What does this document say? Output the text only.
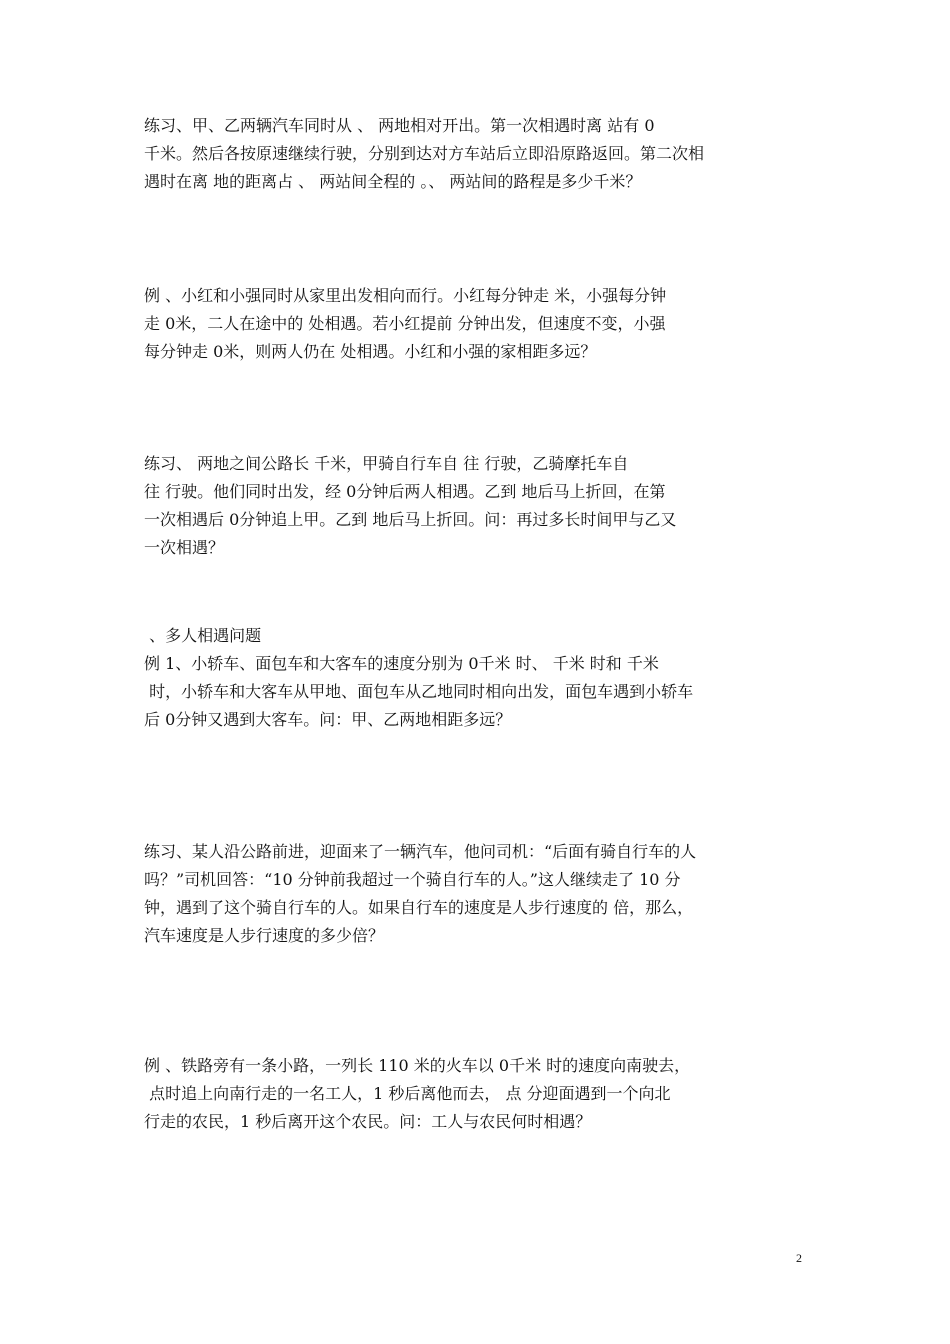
练习、甲、乙两辆汽车同时从 、 两地相对开出。第一次相遇时离 站有 0
千米。然后各按原速继续行驶，分别到达对方车站后立即沿原路返回。第二次相
遇时在离 地的距离占 、 两站间全程的 。、 两站间的路程是多少千米？
例 、小红和小强同时从家里出发相向而行。小红每分钟走 米，小强每分钟
走 0米，二人在途中的 处相遇。若小红提前 分钟出发，但速度不变，小强
每分钟走 0米，则两人仍在 处相遇。小红和小强的家相距多远？
练习、 两地之间公路长 千米，甲骑自行车自 往 行驶，乙骑摩托车自
往 行驶。他们同时出发，经 0分钟后两人相遇。乙到 地后马上折回，在第
一次相遇后 0分钟追上甲。乙到 地后马上折回。问：再过多长时间甲与乙又
一次相遇？
、多人相遇问题
例 1、小轿车、面包车和大客车的速度分别为 0千米 时、 千米 时和 千米
时，小轿车和大客车从甲地、面包车从乙地同时相向出发，面包车遇到小轿车
后 0分钟又遇到大客车。问：甲、乙两地相距多远？
练习、某人沿公路前进，迎面来了一辆汽车，他问司机：“后面有骑自行车的人
吗？”司机回答：“10 分钟前我超过一个骑自行车的人。”这人继续走了 10 分
钟，遇到了这个骑自行车的人。如果自行车的速度是人步行速度的 倍，那么，
汽车速度是人步行速度的多少倍？
例 、铁路旁有一条小路，一列长 110 米的火车以 0千米 时的速度向南驶去，
点时追上向南行走的一名工人，1 秒后离他而去， 点 分迎面遇到一个向北
行走的农民，1 秒后离开这个农民。问：工人与农民何时相遇？
2
